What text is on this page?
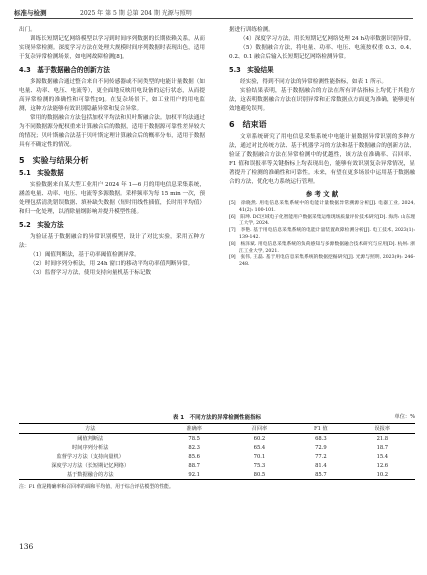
标准与检测	2025 年 第 5 期 总第 204 期 光源与照明

出门。

训练长短期记忆网络模型以学习到时间序列数据的长期依赖关系，从而实现异常检测。深度学习方法在处理大规模时间序列数据时表现出色，适用于复杂异常检测场景，如电网故障检测[8]。

4.3　基于数据融合的创新方法

多源数据融合通过整合来自不同传感器或不同类型的电能计量数据（如电量、功率、电压、电流等），更全面地反映用电设备的运行状态，从而提高异常检测的准确性和可靠性[9]。在复杂场景下，如工业用户的用电监测，这种方法能够有效识别隐蔽异常和复合异常。

常用的数据融合方法包括加权平均法和贝叶斯融合法。加权平均法通过为不同数据源分配权重来计算融合后的数据，适用于数据源可靠性差异较大的情况；贝叶斯融合法基于贝叶斯定理计算融合后的概率分布，适用于数据具有不确定性的情况。

5　实验与结果分析
5.1　实验数据

实验数据来自某大型工业用户 2024 年 1—6 月的用电信息采集系统，涵盖电量、功率、电压、电流等多源数据。采样频率为每 15 min 一次，预处理包括清洗错误数据、填补缺失数据（短时用线性插值，长时用平均值）和归一化处理，以消除量纲影响并提升模型性能。

5.2　实验方法

为验证基于数据融合的异常识别模型，设计了对比实验，采用五种方法：

（1）阈值判断法，基于功率阈值检测异常。

（2）时间序列分析法，用 24h 窗口的移动平均功率值判断异常。

（3）监督学习方法，使用支持向量机基于标记数

据进行训练检测。

（4）深度学习方法，用长短期记忆网络处理 24 h功率数据识别异常。

（5）数据融合方法，将电量、功率、电压、电流按权重 0.3、0.4、0.2、0.1 融合后输入长短期记忆网络检测异常。

5.3　实验结果

经实验，得到不同方法的异常检测性能指标，如表 1 所示。

实验结果表明，基于数据融合的方法在所有评估指标上均优于其他方法，这表明数据融合方法在识别异常和正常数据点方面更为准确，能够更有效地避免误判。

6　结束语

文章系统研究了用电信息采集系统中电能计量数据异常识别的多种方法，通过对比传统方法、基于机器学习的方法和基于数据融合的创新方法，验证了数据融合方法在异常检测中的优越性，该方法在准确率、召回率、F1 值和误报率等关键指标上均表现出色，能够有效识别复杂异常情况，显著提升了检测的准确性和可靠性。未来，有望在更多场景中运用基于数据融合的方法，优化电力系统运行管理。

参 考 文 献

[5]　徐晓然. 用电信息采集系统中的电能计量数据异常溯源分析[J]. 电器工业, 2024, 41(2): 100-101.

[6]　阳坤. DC区域电子化智能用户数据采集运维现场质量评价技术研究[D]. 海湾: 山东理工大学, 2024.

[7]　李艳. 基于用电信息采集系统的电能计量装置故障检测分析[J]. 电工技术, 2023(1): 139-142.

[8]　杨泽斌. 用电信息采集系统的负荷感知与多源数据融合技术研究与应用[D]. 杭州: 浙江工业大学, 2021.

[9]　张伟, 王磊. 基于用电信息采集系统的数据挖掘研究[J]. 光源与照明, 2023(9): 246-248.

表 1　不同方法的异常检测性能指标	单位：%
方法	准确率	召回率	F1 值	误报率
阈值判断法	78.5	60.2	68.3	21.8
时间序列分析法	82.3	65.4	72.9	18.7
监督学习方法（支持向量机）	85.6	70.1	77.2	15.4
深度学习方法（长短期记忆网络）	88.7	75.3	81.4	12.6
基于数据融合的方法	92.1	80.5	85.7	10.2
注：F1 值是精确率和召回率的调和平均值，用于综合评估模型的性能。
136
